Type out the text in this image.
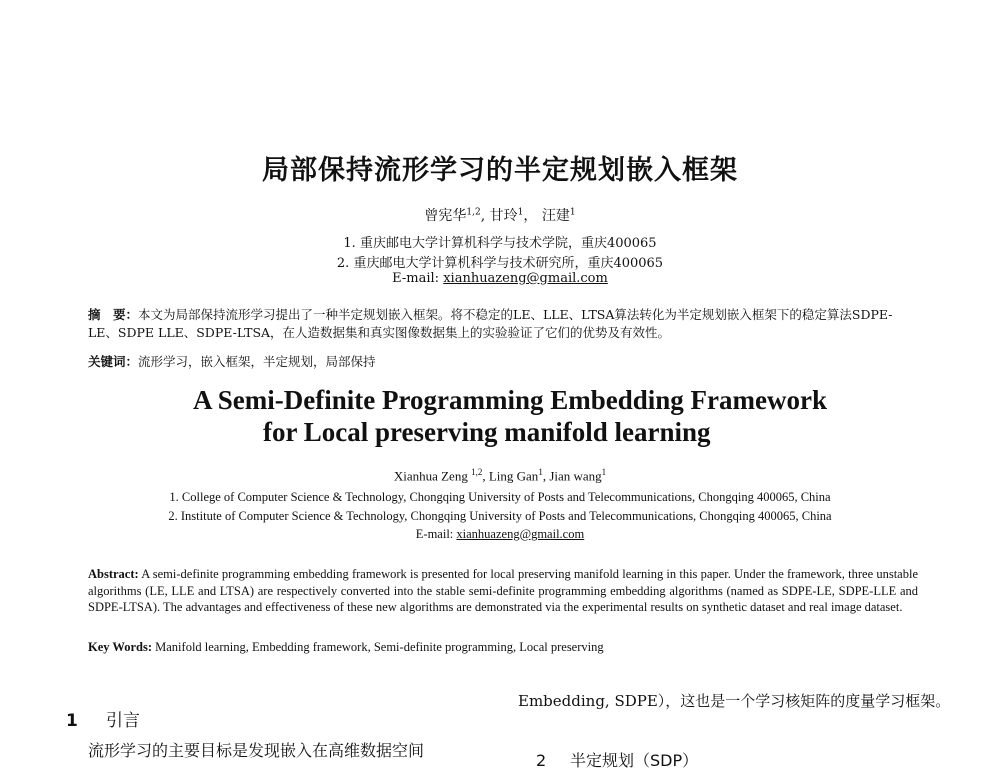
局部保持流形学习的半定规划嵌入框架
曾宪华$^{1,2}$, 甘玲$^1$， 汪建$^1$
1. 重庆邮电大学计算机科学与技术学院，重庆400065
2. 重庆邮电大学计算机科学与技术研究所，重庆400065
E-mail: xianhuazeng@gmail.com
摘　要：本文为局部保持流形学习提出了一种半定规划嵌入框架。将不稳定的LE、LLE、LTSA算法转化为半定规划嵌入框架下的稳定算法SDPE-LE、SDPE LLE、SDPE-LTSA，在人造数据集和真实图像数据集上的实验验证了它们的优势及有效性。
关键词：流形学习，嵌入框架，半定规划，局部保持
A Semi-Definite Programming Embedding Framework
for Local preserving manifold learning
Xianhua Zeng $^{1,2}$, Ling Gan$^1$, Jian wang$^1$
1. College of Computer Science & Technology, Chongqing University of Posts and Telecommunications, Chongqing 400065, China
2. Institute of Computer Science & Technology, Chongqing University of Posts and Telecommunications, Chongqing 400065, China
E-mail: xianhuazeng@gmail.com
Abstract: A semi-definite programming embedding framework is presented for local preserving manifold learning in this paper. Under the framework, three unstable algorithms (LE, LLE and LTSA) are respectively converted into the stable semi-definite programming embedding algorithms (named as SDPE-LE, SDPE-LLE and SDPE-LTSA). The advantages and effectiveness of these new algorithms are demonstrated via the experimental results on synthetic dataset and real image dataset.
Key Words: Manifold learning, Embedding framework, Semi-definite programming, Local preserving
1 引言
流形学习的主要目标是发现嵌入在高维数据空间
Embedding, SDPE），这也是一个学习核矩阵的度量学习框架。
2 半定规划（SDP）
